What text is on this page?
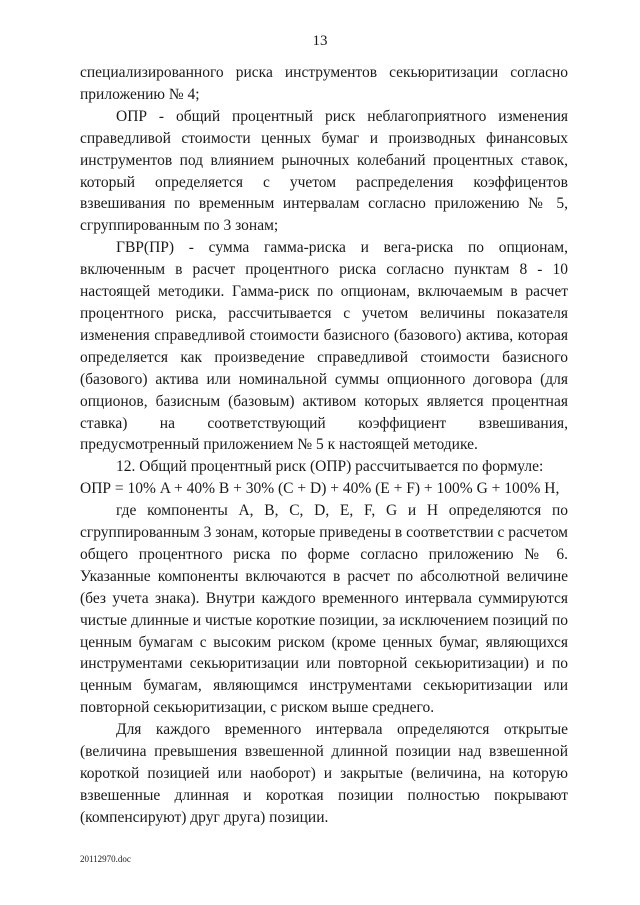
13

специализированного риска инструментов секьюритизации согласно приложению № 4;

ОПР - общий процентный риск неблагоприятного изменения справедливой стоимости ценных бумаг и производных финансовых инструментов под влиянием рыночных колебаний процентных ставок, который определяется с учетом распределения коэффицентов взвешивания по временным интервалам согласно приложению № 5, сгруппированным по 3 зонам;

ГВР(ПР) - сумма гамма-риска и вега-риска по опционам, включенным в расчет процентного риска согласно пунктам 8 - 10 настоящей методики. Гамма-риск по опционам, включаемым в расчет процентного риска, рассчитывается с учетом величины показателя изменения справедливой стоимости базисного (базового) актива, которая определяется как произведение справедливой стоимости базисного (базового) актива или номинальной суммы опционного договора (для опционов, базисным (базовым) активом которых является процентная ставка) на соответствующий коэффициент взвешивания, предусмотренный приложением № 5 к настоящей методике.

12. Общий процентный риск (ОПР) рассчитывается по формуле:

ОПР = 10% A + 40% B + 30% (C + D) + 40% (E + F) + 100% G + 100% H,

где компоненты A, B, C, D, E, F, G и H определяются по сгруппированным 3 зонам, которые приведены в соответствии с расчетом общего процентного риска по форме согласно приложению № 6. Указанные компоненты включаются в расчет по абсолютной величине (без учета знака). Внутри каждого временного интервала суммируются чистые длинные и чистые короткие позиции, за исключением позиций по ценным бумагам с высоким риском (кроме ценных бумаг, являющихся инструментами секьюритизации или повторной секьюритизации) и по ценным бумагам, являющимся инструментами секьюритизации или повторной секьюритизации, с риском выше среднего.

Для каждого временного интервала определяются открытые (величина превышения взвешенной длинной позиции над взвешенной короткой позицией или наоборот) и закрытые (величина, на которую взвешенные длинная и короткая позиции полностью покрывают (компенсируют) друг друга) позиции.

20112970.doc
